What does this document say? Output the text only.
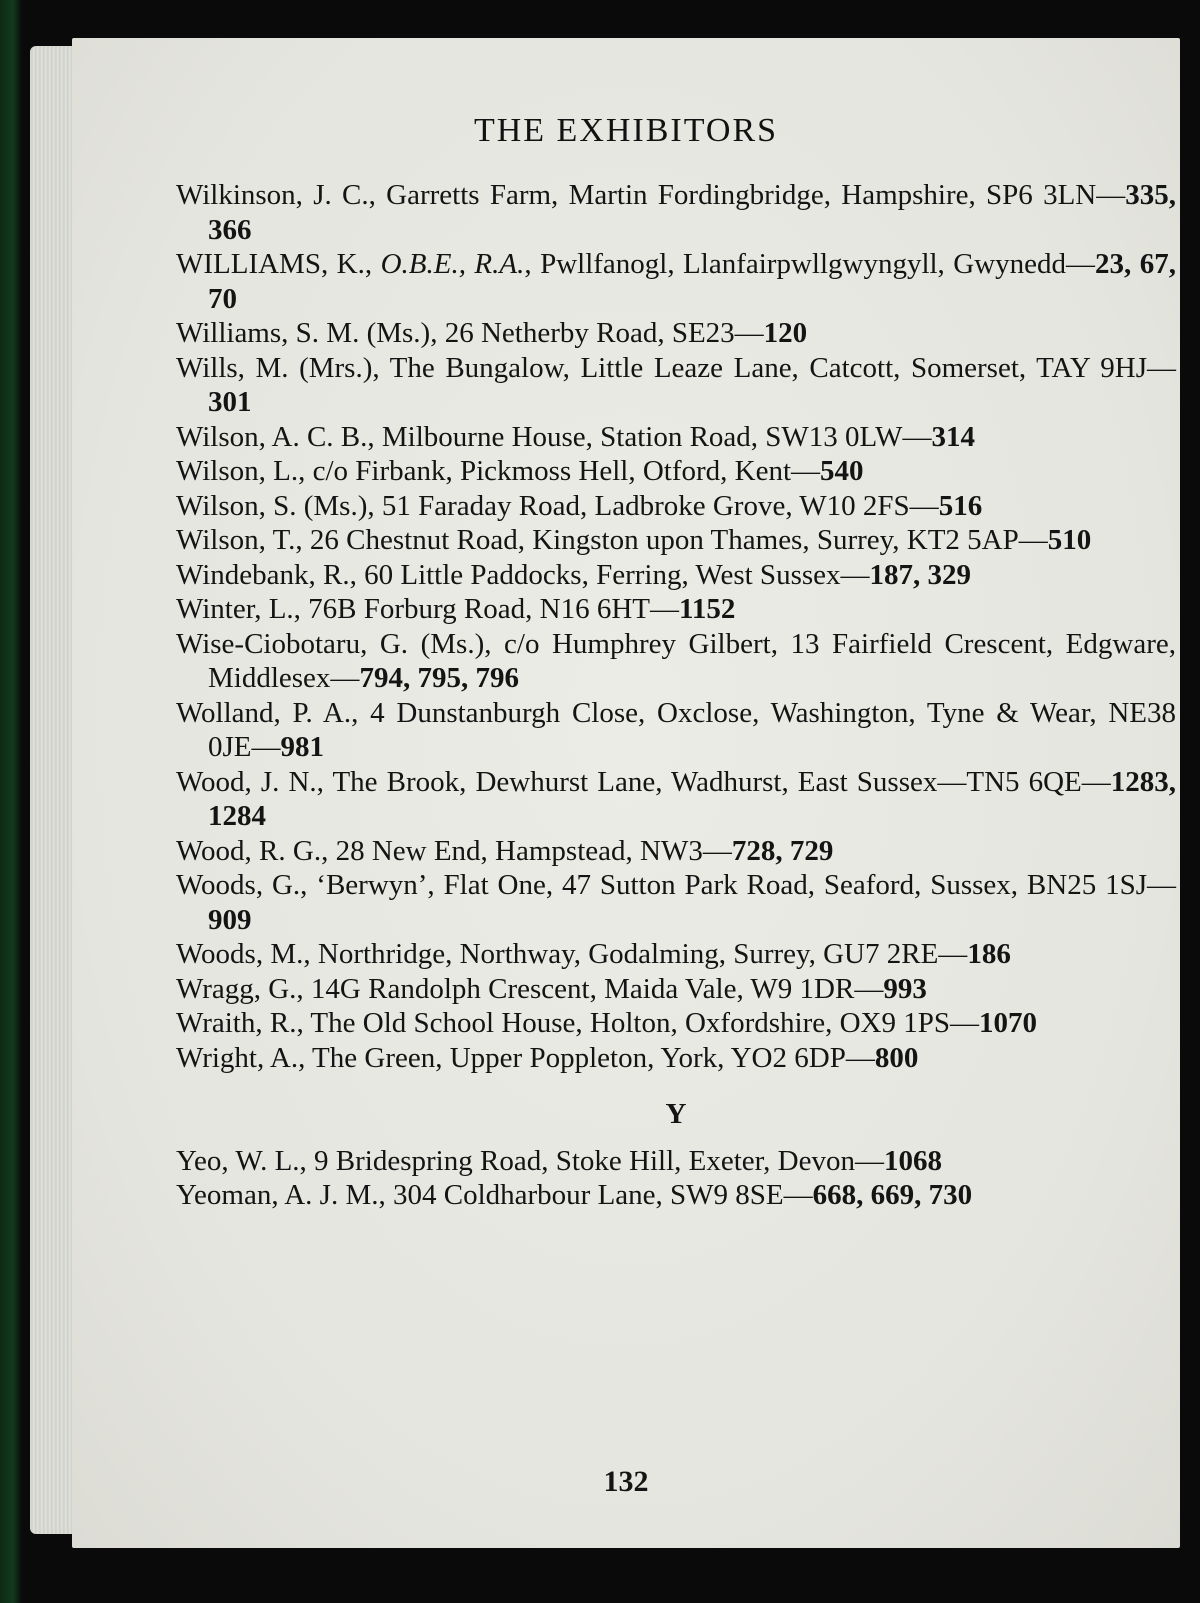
THE EXHIBITORS

Wilkinson, J. C., Garretts Farm, Martin Fordingbridge, Hampshire, SP6 3LN—335, 366

WILLIAMS, K., O.B.E., R.A., Pwllfanogl, Llanfairpwllgwyngyll, Gwynedd—23, 67, 70

Williams, S. M. (Ms.), 26 Netherby Road, SE23—120

Wills, M. (Mrs.), The Bungalow, Little Leaze Lane, Catcott, Somerset, TAY 9HJ—301

Wilson, A. C. B., Milbourne House, Station Road, SW13 0LW—314

Wilson, L., c/o Firbank, Pickmoss Hell, Otford, Kent—540

Wilson, S. (Ms.), 51 Faraday Road, Ladbroke Grove, W10 2FS—516

Wilson, T., 26 Chestnut Road, Kingston upon Thames, Surrey, KT2 5AP—510

Windebank, R., 60 Little Paddocks, Ferring, West Sussex—187, 329

Winter, L., 76B Forburg Road, N16 6HT—1152

Wise-Ciobotaru, G. (Ms.), c/o Humphrey Gilbert, 13 Fairfield Crescent, Edgware, Middlesex—794, 795, 796

Wolland, P. A., 4 Dunstanburgh Close, Oxclose, Washington, Tyne & Wear, NE38 0JE—981

Wood, J. N., The Brook, Dewhurst Lane, Wadhurst, East Sussex—TN5 6QE—1283, 1284

Wood, R. G., 28 New End, Hampstead, NW3—728, 729

Woods, G., ‘Berwyn’, Flat One, 47 Sutton Park Road, Seaford, Sussex, BN25 1SJ—909

Woods, M., Northridge, Northway, Godalming, Surrey, GU7 2RE—186

Wragg, G., 14G Randolph Crescent, Maida Vale, W9 1DR—993

Wraith, R., The Old School House, Holton, Oxfordshire, OX9 1PS—1070

Wright, A., The Green, Upper Poppleton, York, YO2 6DP—800

Y

Yeo, W. L., 9 Bridespring Road, Stoke Hill, Exeter, Devon—1068

Yeoman, A. J. M., 304 Coldharbour Lane, SW9 8SE—668, 669, 730

132
